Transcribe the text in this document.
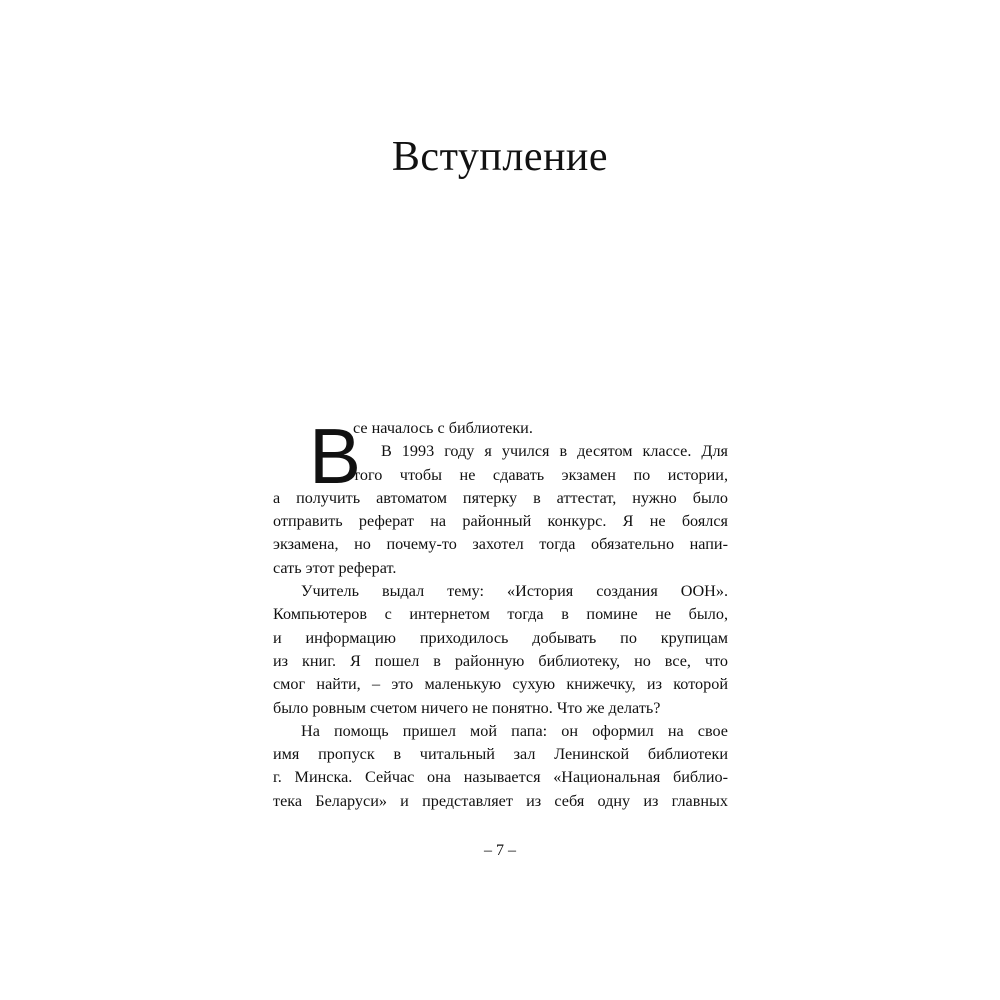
Вступление
В
се началось с библиотеки.
В 1993 году я учился в десятом классе. Для
того чтобы не сдавать экзамен по истории,
а получить автоматом пятерку в аттестат, нужно было
отправить реферат на районный конкурс. Я не боялся
экзамена, но почему-то захотел тогда обязательно напи-
сать этот реферат.
Учитель выдал тему: «История создания ООН».
Компьютеров с интернетом тогда в помине не было,
и информацию приходилось добывать по крупицам
из книг. Я пошел в районную библиотеку, но все, что
смог найти, – это маленькую сухую книжечку, из которой
было ровным счетом ничего не понятно. Что же делать?
На помощь пришел мой папа: он оформил на свое
имя пропуск в читальный зал Ленинской библиотеки
г. Минска. Сейчас она называется «Национальная библио-
тека Беларуси» и представляет из себя одну из главных
– 7 –
